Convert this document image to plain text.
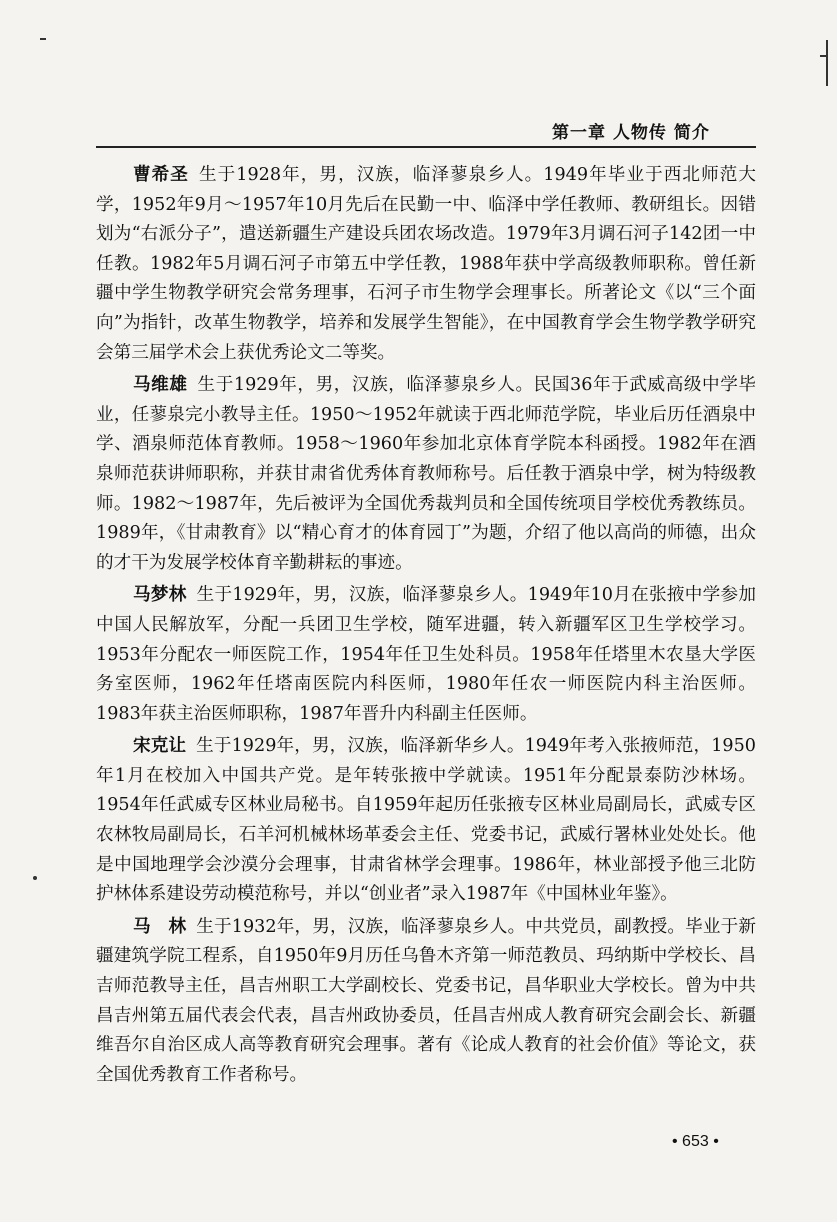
第一章 人物传 简介

曹希圣 生于1928年，男，汉族，临泽蓼泉乡人。1949年毕业于西北师范大学，1952年9月～1957年10月先后在民勤一中、临泽中学任教师、教研组长。因错划为“右派分子”，遣送新疆生产建设兵团农场改造。1979年3月调石河子142团一中任教。1982年5月调石河子市第五中学任教，1988年获中学高级教师职称。曾任新疆中学生物教学研究会常务理事，石河子市生物学会理事长。所著论文《以“三个面向”为指针，改革生物教学，培养和发展学生智能》，在中国教育学会生物学教学研究会第三届学术会上获优秀论文二等奖。

马维雄 生于1929年，男，汉族，临泽蓼泉乡人。民国36年于武威高级中学毕业，任蓼泉完小教导主任。1950～1952年就读于西北师范学院，毕业后历任酒泉中学、酒泉师范体育教师。1958～1960年参加北京体育学院本科函授。1982年在酒泉师范获讲师职称，并获甘肃省优秀体育教师称号。后任教于酒泉中学，树为特级教师。1982～1987年，先后被评为全国优秀裁判员和全国传统项目学校优秀教练员。1989年，《甘肃教育》以“精心育才的体育园丁”为题，介绍了他以高尚的师德，出众的才干为发展学校体育辛勤耕耘的事迹。

马梦林 生于1929年，男，汉族，临泽蓼泉乡人。1949年10月在张掖中学参加中国人民解放军，分配一兵团卫生学校，随军进疆，转入新疆军区卫生学校学习。1953年分配农一师医院工作，1954年任卫生处科员。1958年任塔里木农垦大学医务室医师，1962年任塔南医院内科医师，1980年任农一师医院内科主治医师。1983年获主治医师职称，1987年晋升内科副主任医师。

宋克让 生于1929年，男，汉族，临泽新华乡人。1949年考入张掖师范，1950年1月在校加入中国共产党。是年转张掖中学就读。1951年分配景泰防沙林场。1954年任武威专区林业局秘书。自1959年起历任张掖专区林业局副局长，武威专区农林牧局副局长，石羊河机械林场革委会主任、党委书记，武威行署林业处处长。他是中国地理学会沙漠分会理事，甘肃省林学会理事。1986年，林业部授予他三北防护林体系建设劳动模范称号，并以“创业者”录入1987年《中国林业年鉴》。

马　林 生于1932年，男，汉族，临泽蓼泉乡人。中共党员，副教授。毕业于新疆建筑学院工程系，自1950年9月历任乌鲁木齐第一师范教员、玛纳斯中学校长、昌吉师范教导主任，昌吉州职工大学副校长、党委书记，昌华职业大学校长。曾为中共昌吉州第五届代表会代表，昌吉州政协委员，任昌吉州成人教育研究会副会长、新疆维吾尔自治区成人高等教育研究会理事。著有《论成人教育的社会价值》等论文，获全国优秀教育工作者称号。

• 653 •
